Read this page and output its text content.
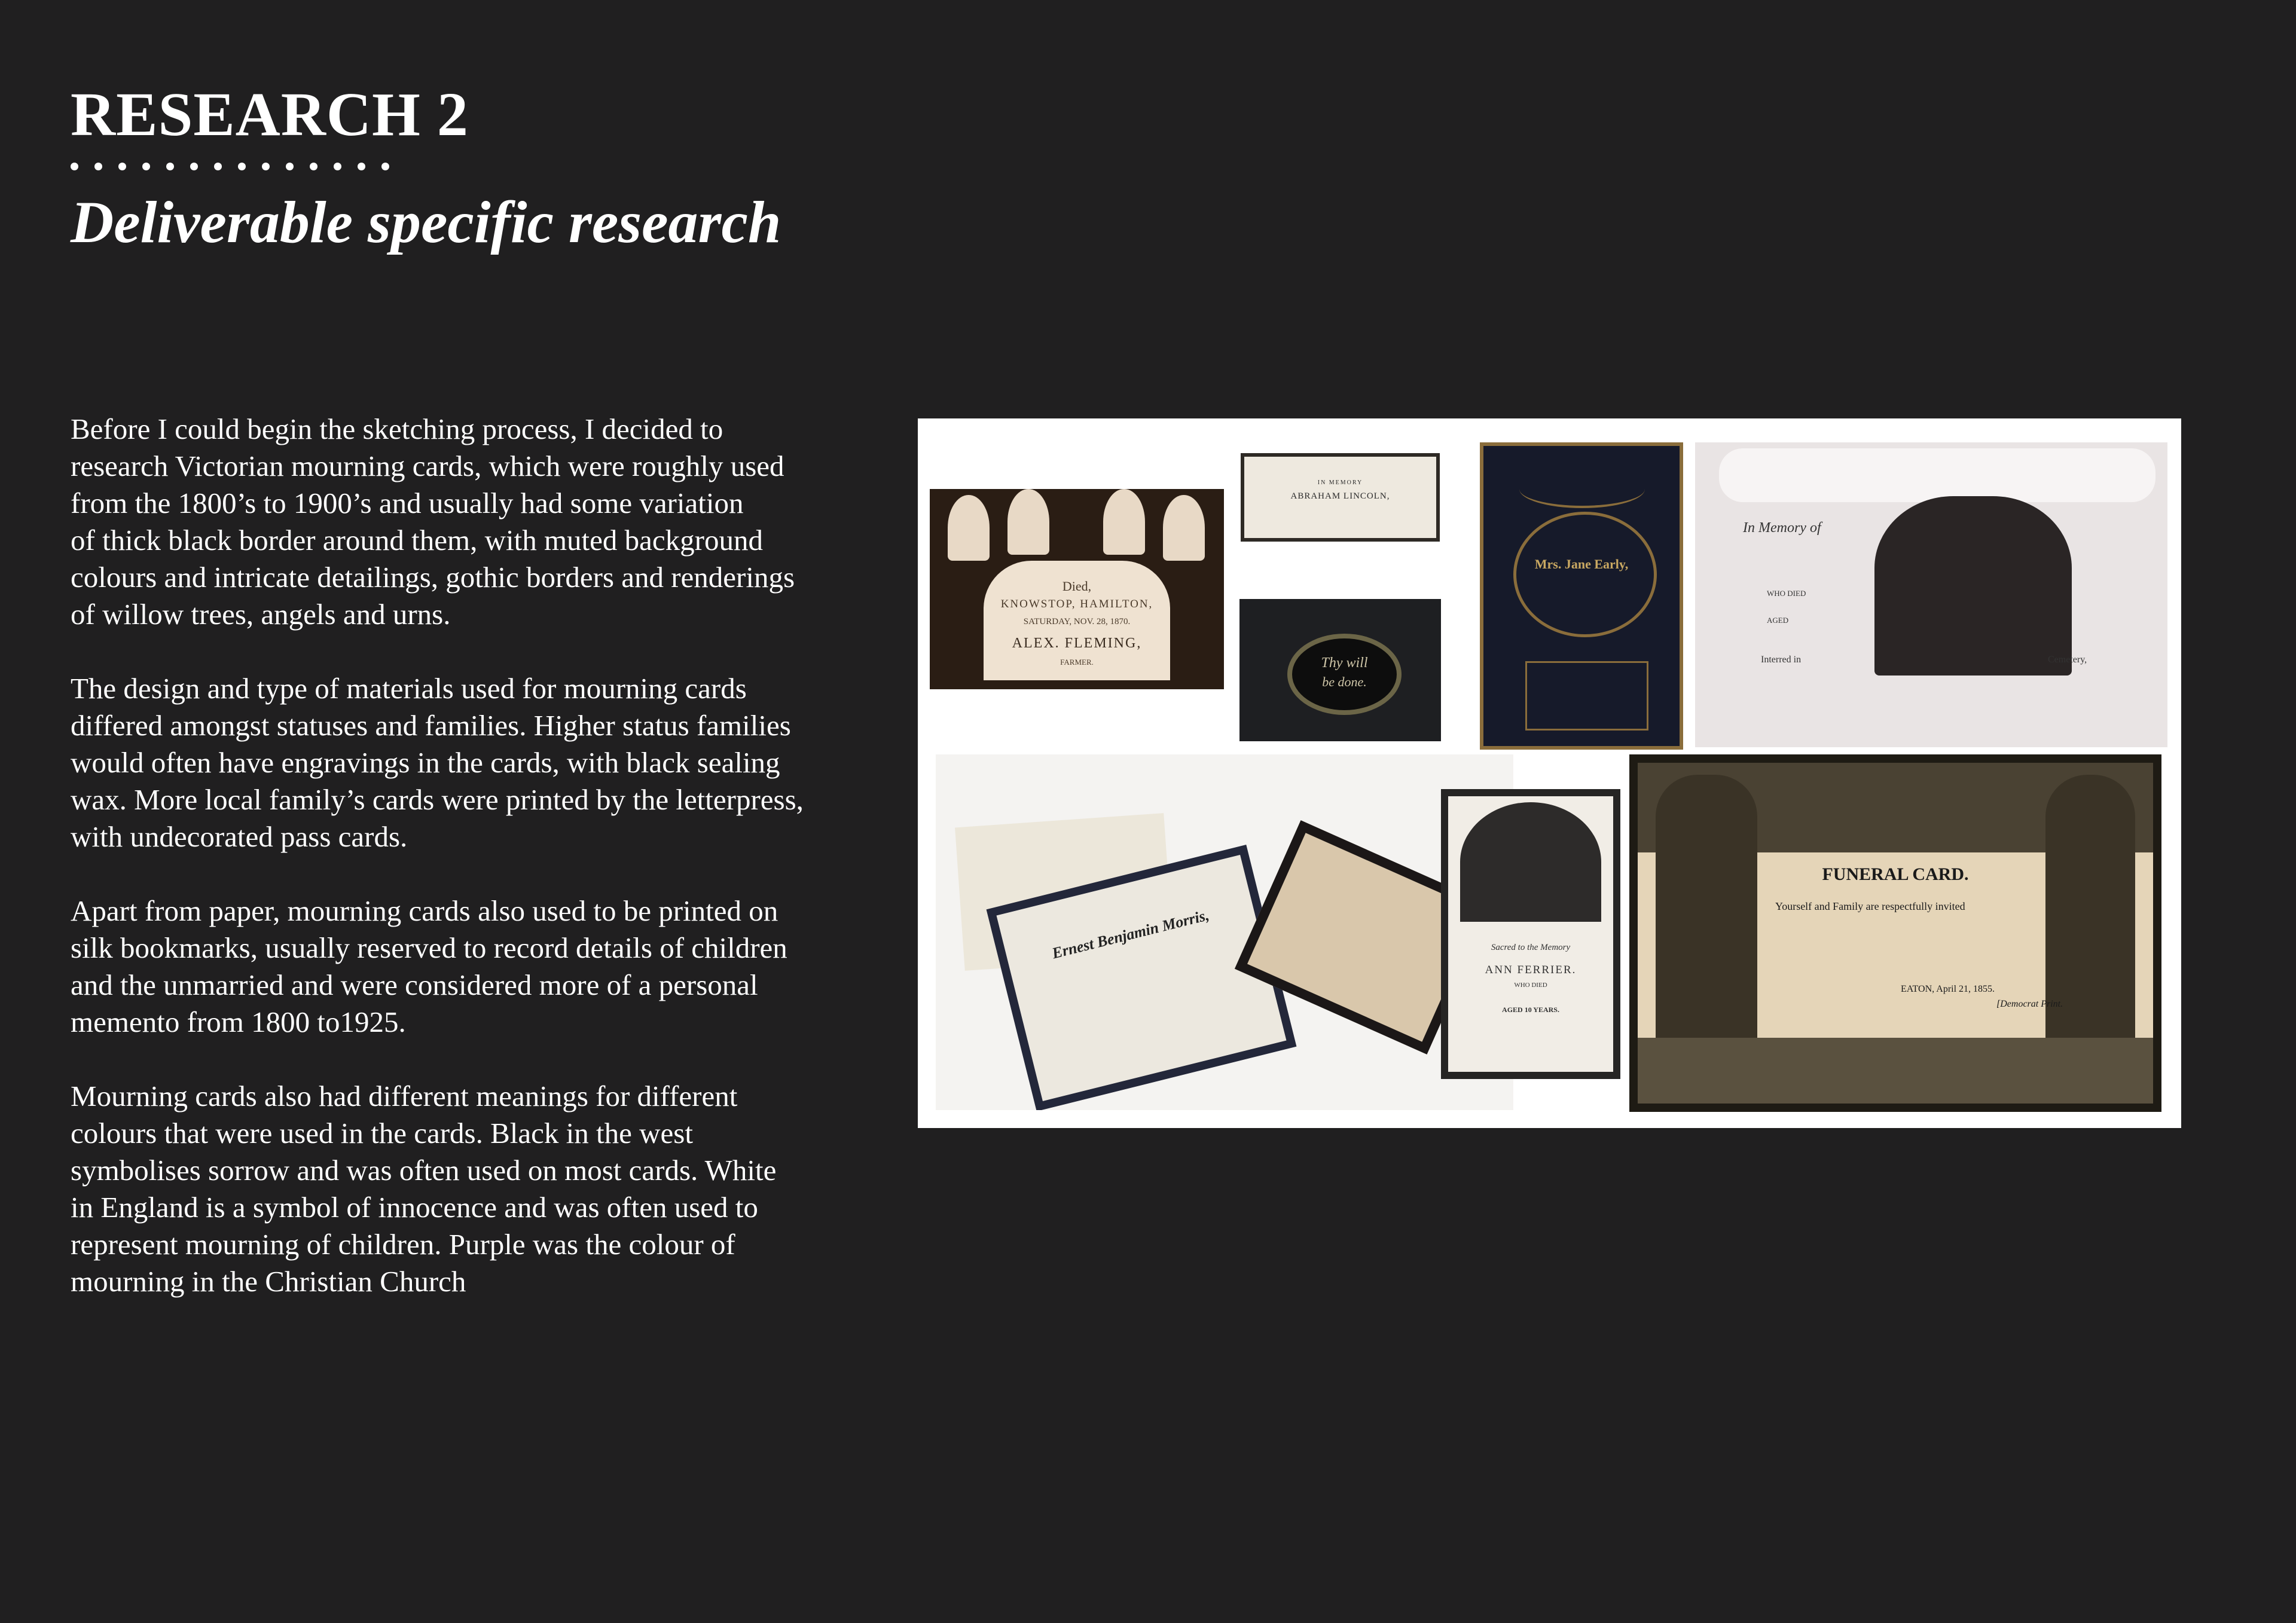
RESEARCH 2
Deliverable specific research

Before I could begin the sketching process, I decided to
research Victorian mourning cards, which were roughly used
from the 1800’s to 1900’s and usually had some variation
of thick black border around them, with muted background
colours and intricate detailings, gothic borders and renderings
of willow trees, angels and urns.

The design and type of materials used for mourning cards
differed amongst statuses and families. Higher status families
would often have engravings in the cards, with black sealing
wax. More local family’s cards were printed by the letterpress,
with undecorated pass cards.

Apart from paper, mourning cards also used to be printed on
silk bookmarks, usually reserved to record details of children
and the unmarried and were considered more of a personal
memento from 1800 to1925.

Mourning cards also had different meanings for different
colours that were used in the cards. Black in the west
symbolises sorrow and was often used on most cards. White
in England is a symbol of innocence and was often used to
represent mourning of children. Purple was the colour of
mourning in the Christian Church

Died,
KNOWSTOP, HAMILTON,
SATURDAY, NOV. 28, 1870.
ALEX. FLEMING,
FARMER.
IN MEMORY
ABRAHAM LINCOLN,
Thy will
be done.
Mrs. Jane Early,
In Memory of
WHO DIED
AGED
Interred in	Cemetery,
Ernest Benjamin Morris,	Sacred to the Memory
ANN FERRIER.
WHO DIED
AGED 10 YEARS.
FUNERAL CARD.
Yourself and Family are respectfully invited
EATON, April 21, 1855.
[Democrat Print.
